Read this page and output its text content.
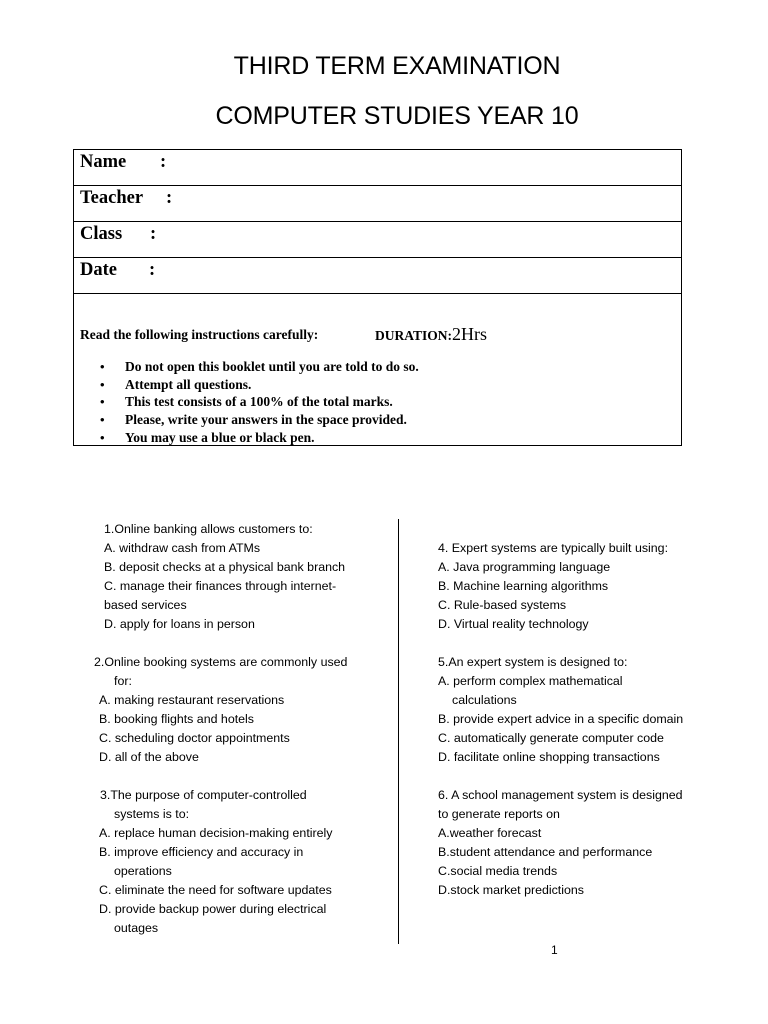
THIRD TERM EXAMINATION
COMPUTER STUDIES YEAR 10
Name :
Teacher :
Class :
Date :
Read the following instructions carefully:	DURATION:2Hrs
• Do not open this booklet until you are told to do so.
• Attempt all questions.
• This test consists of a 100% of the total marks.
• Please, write your answers in the space provided.
• You may use a blue or black pen.
1.Online banking allows customers to:
A. withdraw cash from ATMs
B. deposit checks at a physical bank branch
C. manage their finances through internet-
based services
D. apply for loans in person
2.Online booking systems are commonly used
for:
A. making restaurant reservations
B. booking flights and hotels
C. scheduling doctor appointments
D. all of the above
3.The purpose of computer-controlled
systems is to:
A. replace human decision-making entirely
B. improve efficiency and accuracy in
operations
C. eliminate the need for software updates
D. provide backup power during electrical
outages
4. Expert systems are typically built using:
A. Java programming language
B. Machine learning algorithms
C. Rule-based systems
D. Virtual reality technology
5.An expert system is designed to:
A. perform complex mathematical
calculations
B. provide expert advice in a specific domain
C. automatically generate computer code
D. facilitate online shopping transactions
6. A school management system is designed
to generate reports on
A.weather forecast
B.student attendance and performance
C.social media trends
D.stock market predictions
1
